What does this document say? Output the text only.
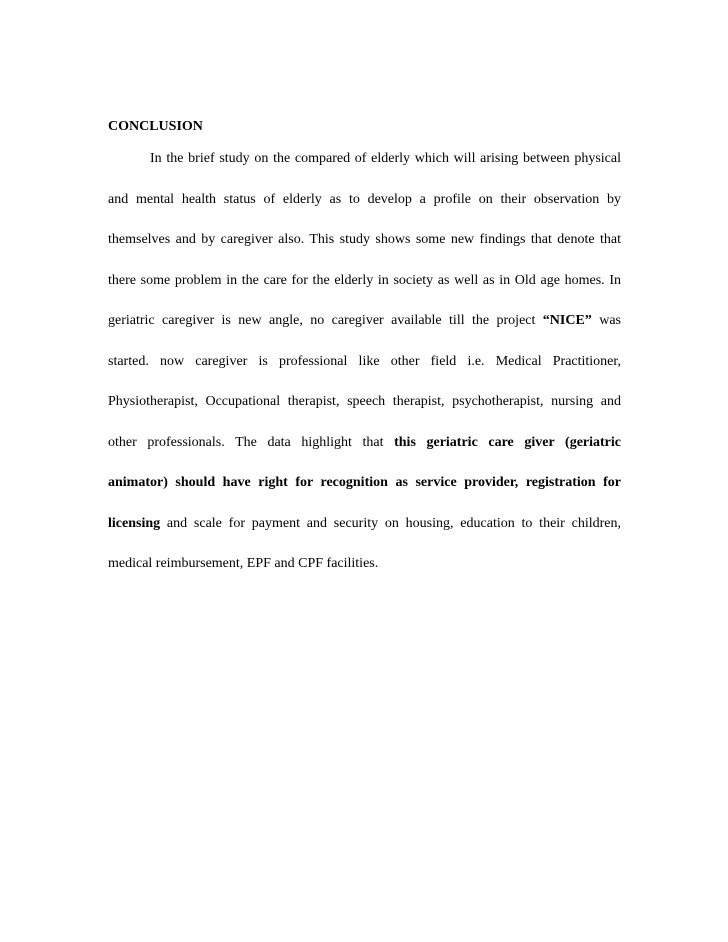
CONCLUSION
In the brief study on the compared of elderly which will arising between physical
and mental health status of elderly as to develop a profile on their observation by
themselves and by caregiver also. This study shows some new findings that denote that
there some problem in the care for the elderly in society as well as in Old age homes. In
geriatric caregiver is new angle, no caregiver available till the project “NICE” was
started. now caregiver is professional like other field i.e. Medical Practitioner,
Physiotherapist, Occupational therapist, speech therapist, psychotherapist, nursing and
other professionals. The data highlight that this geriatric care giver (geriatric
animator) should have right for recognition as service provider, registration for
licensing and scale for payment and security on housing, education to their children,
medical reimbursement, EPF and CPF facilities.
